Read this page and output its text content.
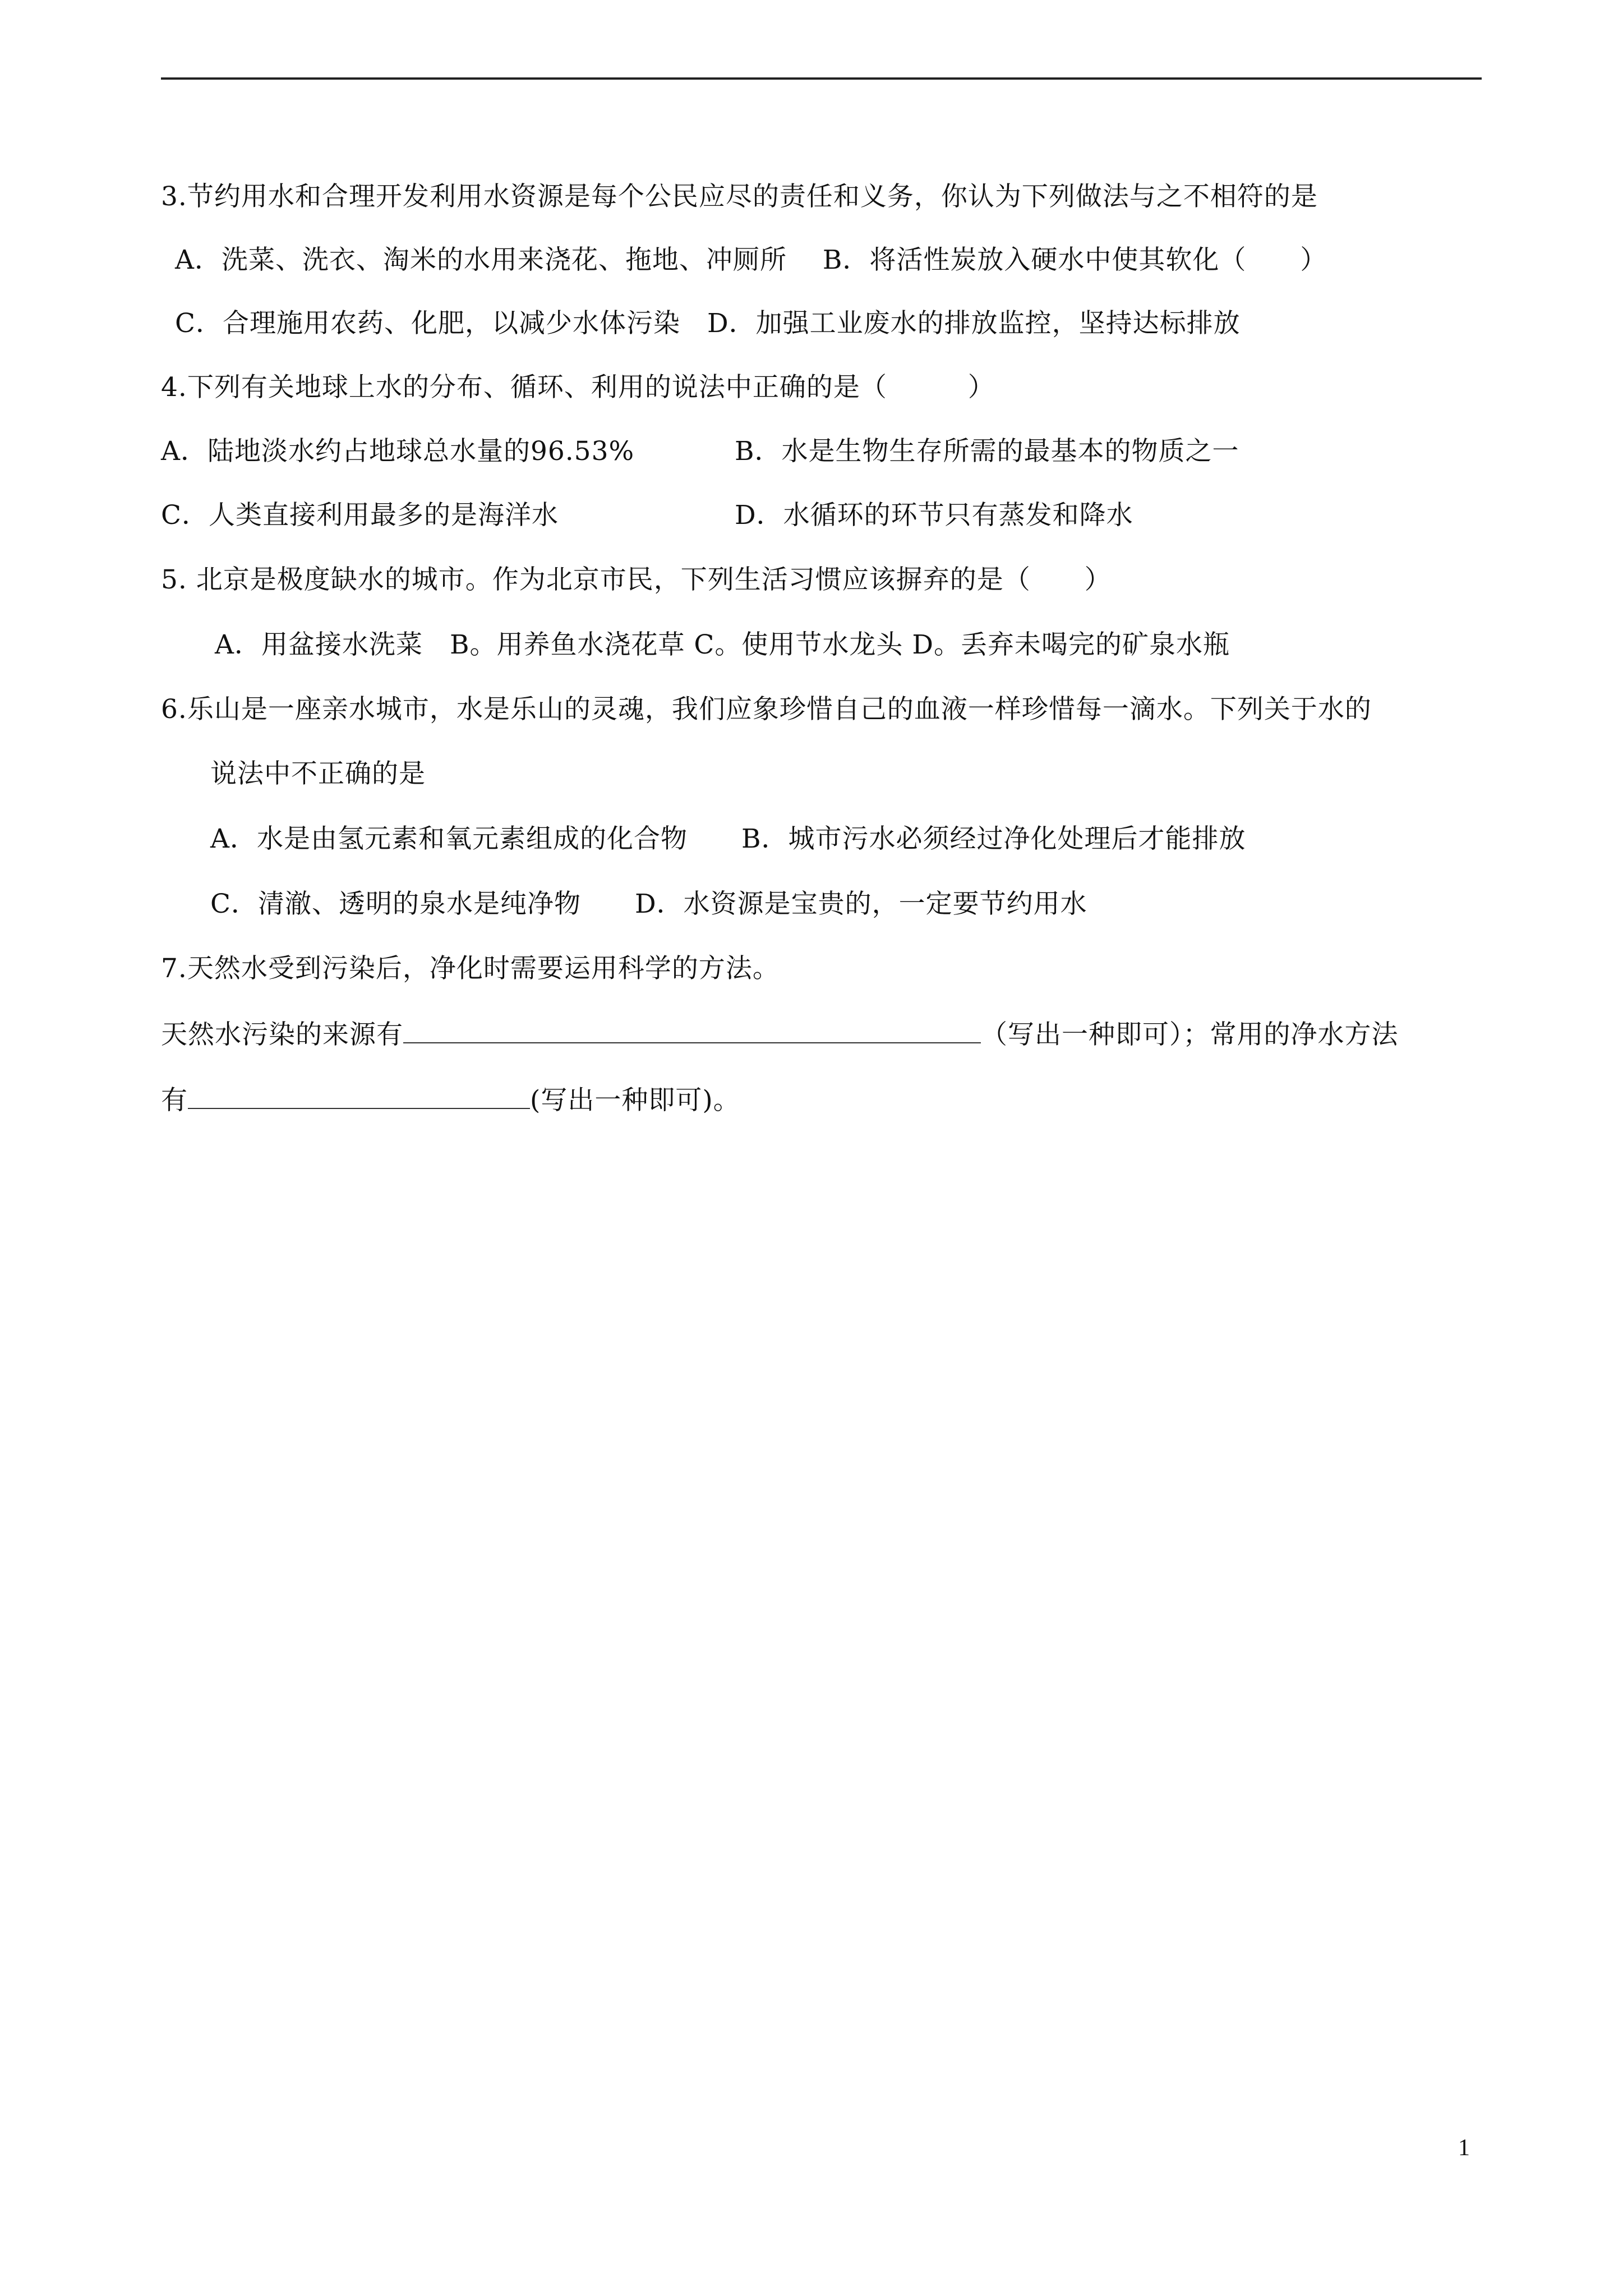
3.节约用水和合理开发利用水资源是每个公民应尽的责任和义务，你认为下列做法与之不相符的是
A．洗菜、洗衣、淘米的水用来浇花、拖地、冲厕所　 B．将活性炭放入硬水中使其软化（　　）
C．合理施用农药、化肥，以减少水体污染　D．加强工业废水的排放监控，坚持达标排放
4.下列有关地球上水的分布、循环、利用的说法中正确的是（　　　）
A．陆地淡水约占地球总水量的96.53%	B．水是生物生存所需的最基本的物质之一
C．人类直接利用最多的是海洋水	D．水循环的环节只有蒸发和降水
5. 北京是极度缺水的城市。作为北京市民，下列生活习惯应该摒弃的是（　　）
A．用盆接水洗菜　B。用养鱼水浇花草 C。使用节水龙头 D。丢弃未喝完的矿泉水瓶
6.乐山是一座亲水城市，水是乐山的灵魂，我们应象珍惜自己的血液一样珍惜每一滴水。下列关于水的
说法中不正确的是
A．水是由氢元素和氧元素组成的化合物　　B．城市污水必须经过净化处理后才能排放
C．清澈、透明的泉水是纯净物　　D．水资源是宝贵的，一定要节约用水
7.天然水受到污染后，净化时需要运用科学的方法。
天然水污染的来源有	（写出一种即可）；常用的净水方法
有	(写出一种即可)。
1
